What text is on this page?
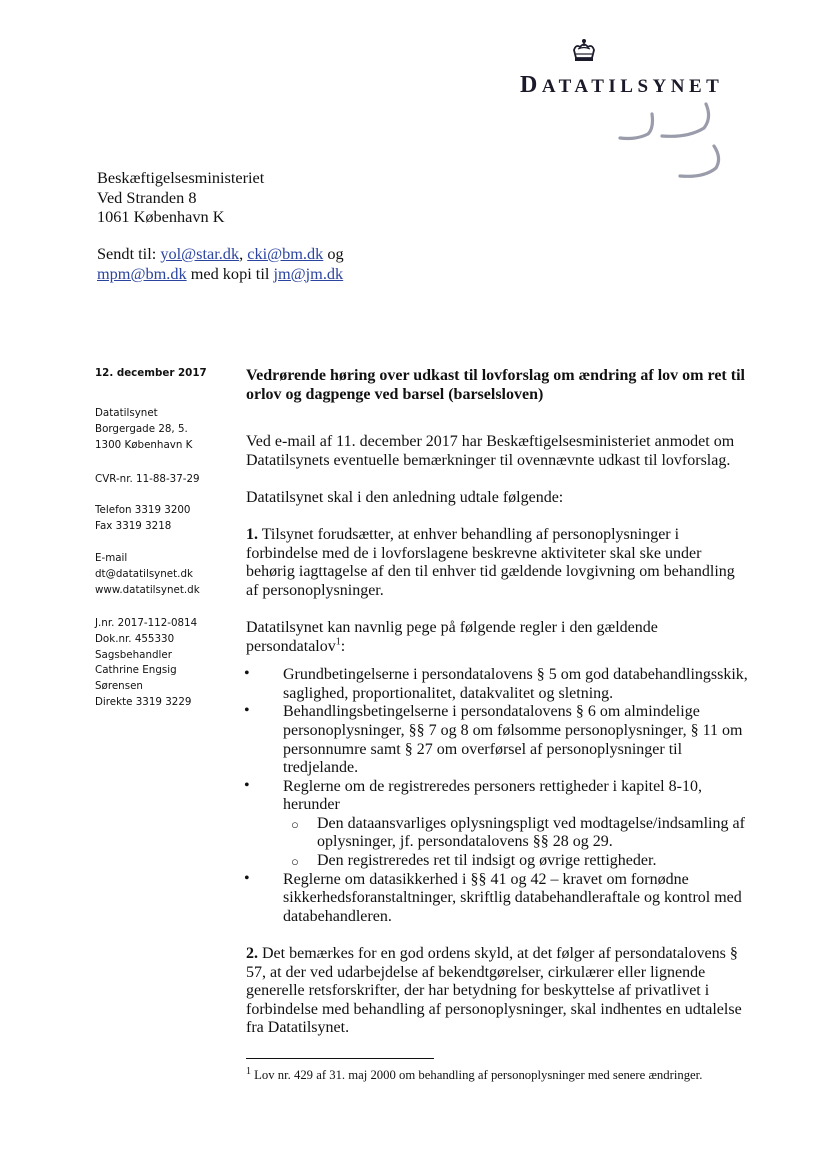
DATATILSYNET
Beskæftigelsesministeriet
Ved Stranden 8
1061 København K
Sendt til: yol@star.dk, cki@bm.dk og
mpm@bm.dk med kopi til jm@jm.dk
12. december 2017
Datatilsynet
Borgergade 28, 5.
1300 København K
CVR-nr. 11-88-37-29
Telefon 3319 3200
Fax 3319 3218
E-mail
dt@datatilsynet.dk
www.datatilsynet.dk
J.nr. 2017-112-0814
Dok.nr. 455330
Sagsbehandler
Cathrine Engsig
Sørensen
Direkte 3319 3229
Vedrørende høring over udkast til lovforslag om ændring af lov om ret til orlov og dagpenge ved barsel (barselsloven)

Ved e-mail af 11. december 2017 har Beskæftigelsesministeriet anmodet om Datatilsynets eventuelle bemærkninger til ovennævnte udkast til lovforslag.

Datatilsynet skal i den anledning udtale følgende:

1. Tilsynet forudsætter, at enhver behandling af personoplysninger i forbindelse med de i lovforslagene beskrevne aktiviteter skal ske under behørig iagttagelse af den til enhver tid gældende lovgivning om behandling af personoplysninger.

Datatilsynet kan navnlig pege på følgende regler i den gældende persondatalov$^1$:

• Grundbetingelserne i persondatalovens § 5 om god databehandlingsskik, saglighed, proportionalitet, datakvalitet og sletning.
• Behandlingsbetingelserne i persondatalovens § 6 om almindelige personoplysninger, §§ 7 og 8 om følsomme personoplysninger, § 11 om personnumre samt § 27 om overførsel af personoplysninger til tredjelande.
• Reglerne om de registreredes personers rettigheder i kapitel 8-10, herunder
○ Den dataansvarliges oplysningspligt ved modtagelse/indsamling af oplysninger, jf. persondatalovens §§ 28 og 29.
○ Den registreredes ret til indsigt og øvrige rettigheder.
• Reglerne om datasikkerhed i §§ 41 og 42 – kravet om fornødne sikkerhedsforanstaltninger, skriftlig databehandleraftale og kontrol med databehandleren.

2. Det bemærkes for en god ordens skyld, at det følger af persondatalovens § 57, at der ved udarbejdelse af bekendtgørelser, cirkulærer eller lignende generelle retsforskrifter, der har betydning for beskyttelse af privatlivet i forbindelse med behandling af personoplysninger, skal indhentes en udtalelse fra Datatilsynet.

$^1$ Lov nr. 429 af 31. maj 2000 om behandling af personoplysninger med senere ændringer.
